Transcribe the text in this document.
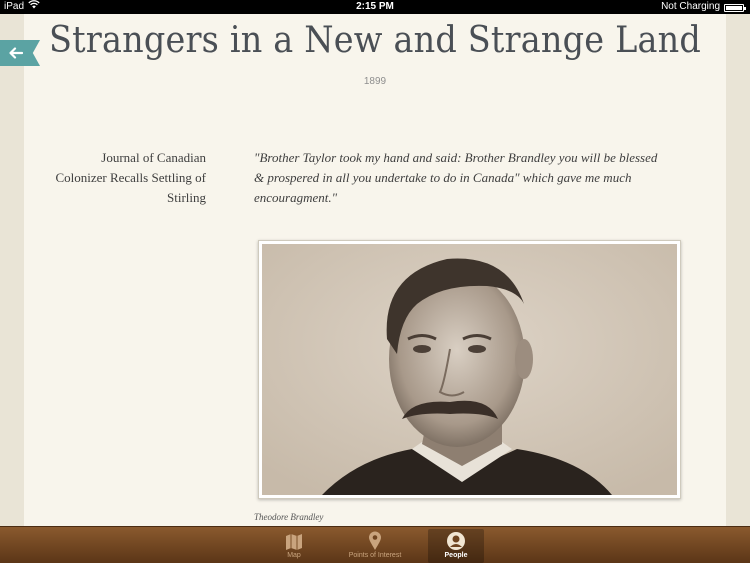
iPad	2:15 PM	Not Charging
Strangers in a New and Strange Land
1899
Journal of Canadian Colonizer Recalls Settling of Stirling
"Brother Taylor took my hand and said: Brother Brandley you will be blessed & prospered in all you undertake to do in Canada" which gave me much encouragment."
Theodore Brandley
Map	Points of Interest	People
